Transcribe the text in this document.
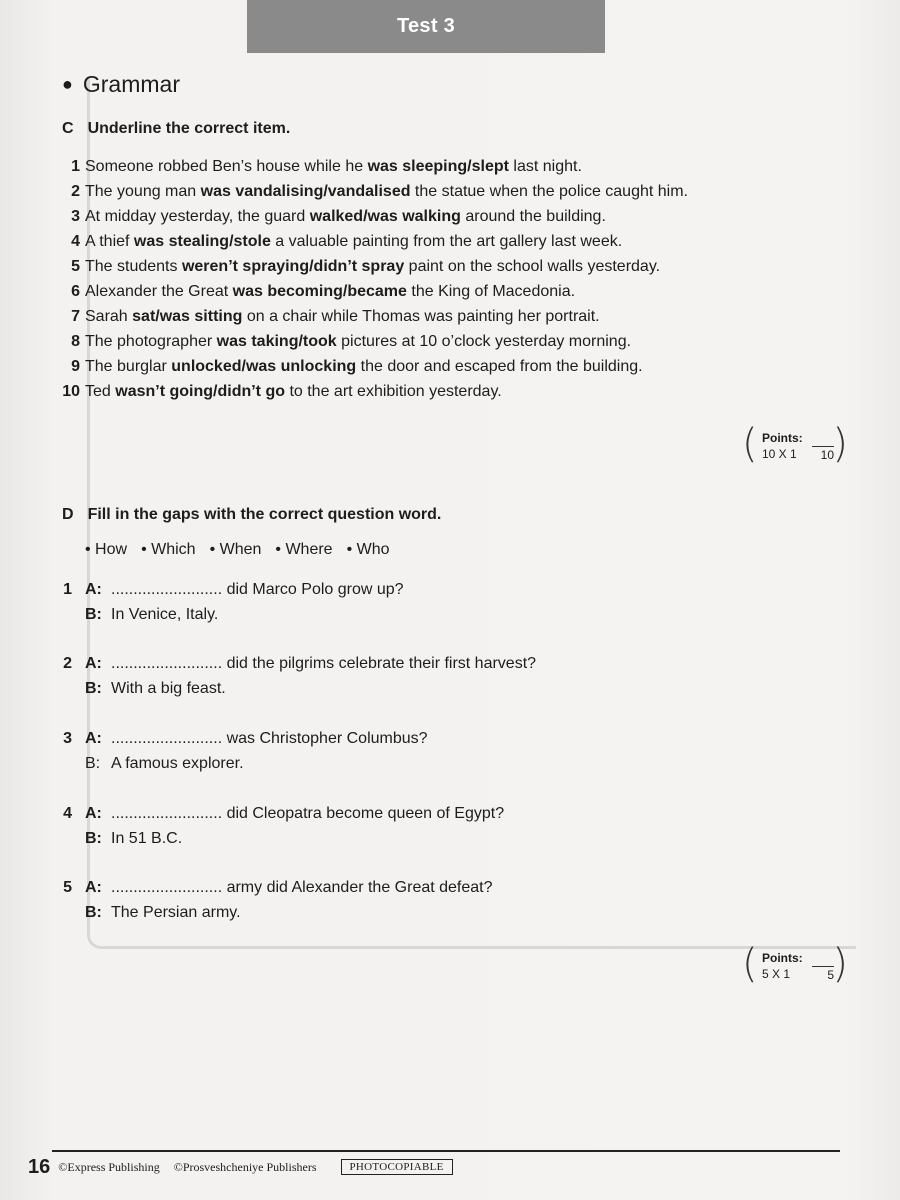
Test 3
● Grammar
C Underline the correct item.
1 Someone robbed Ben’s house while he was sleeping/slept last night.
2 The young man was vandalising/vandalised the statue when the police caught him.
3 At midday yesterday, the guard walked/was walking around the building.
4 A thief was stealing/stole a valuable painting from the art gallery last week.
5 The students weren’t spraying/didn’t spray paint on the school walls yesterday.
6 Alexander the Great was becoming/became the King of Macedonia.
7 Sarah sat/was sitting on a chair while Thomas was painting her portrait.
8 The photographer was taking/took pictures at 10 o’clock yesterday morning.
9 The burglar unlocked/was unlocking the door and escaped from the building.
10 Ted wasn’t going/didn’t go to the art exhibition yesterday.
( Points:
10 X 1	10
)
D Fill in the gaps with the correct question word.
• How • Which • When • Where • Who
1 A: ......................... did Marco Polo grow up?
B: In Venice, Italy.
2 A: ......................... did the pilgrims celebrate their first harvest?
B: With a big feast.
3 A: ......................... was Christopher Columbus?
B: A famous explorer.
4 A: ......................... did Cleopatra become queen of Egypt?
B: In 51 B.C.
5 A: ......................... army did Alexander the Great defeat?
B: The Persian army.
( Points:
5 X 1	5
)
16 ©Express Publishing ©Prosveshcheniye Publishers	PHOTOCOPIABLE
